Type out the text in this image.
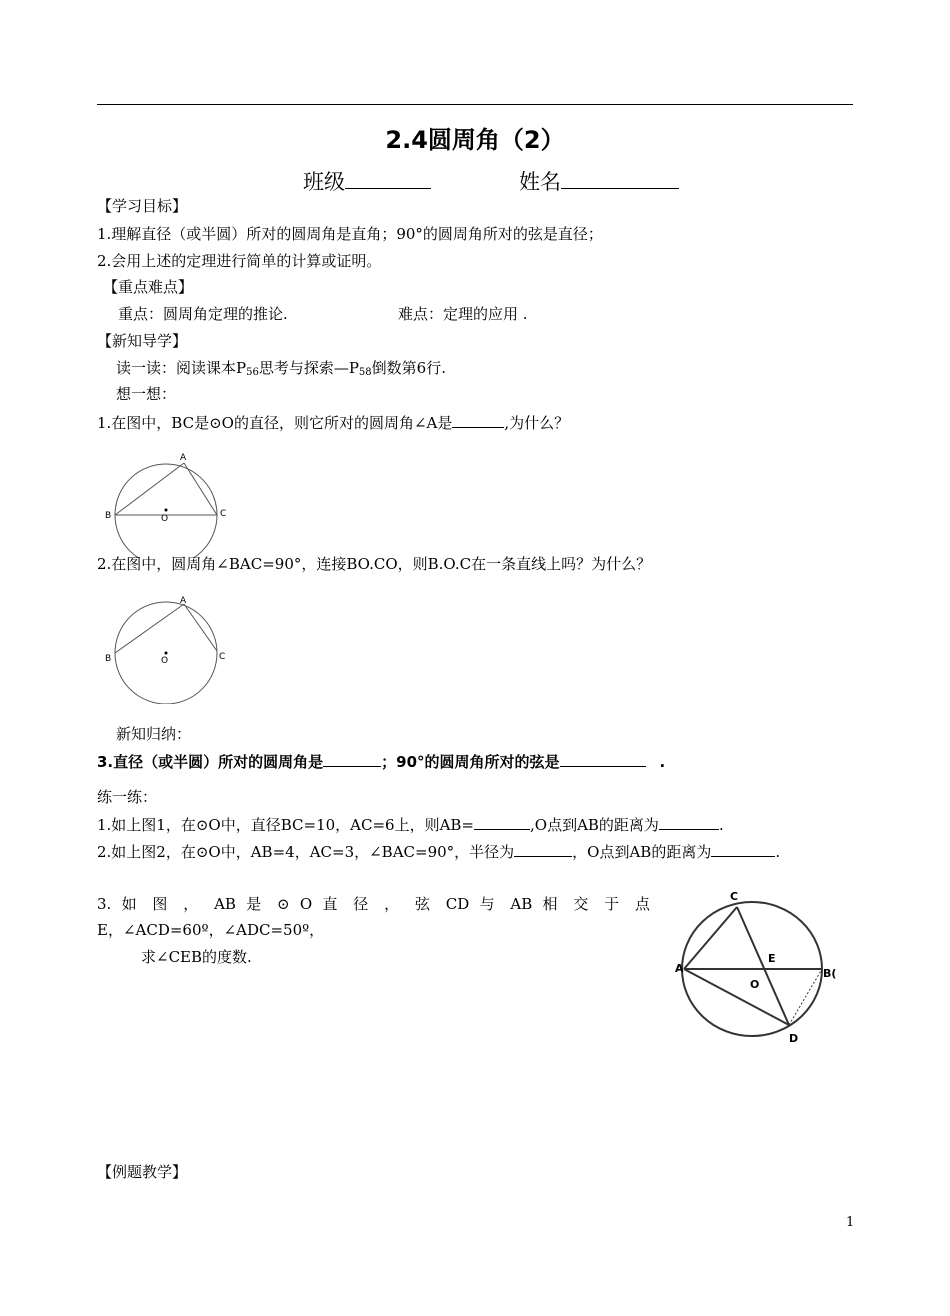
2.4圆周角（2）
班级	姓名
【学习目标】
1.理解直径（或半圆）所对的圆周角是直角；90°的圆周角所对的弦是直径；
2.会用上述的定理进行简单的计算或证明。
【重点难点】
重点：圆周角定理的推论.	难点：定理的应用 .
【新知导学】
读一读：阅读课本$P_{56}$思考与探索$—P_{58}$倒数第6行.
想一想：
1.在图中，BC是⊙O的直径，则它所对的圆周角∠A是	,为什么？
A
B	C
O
2.在图中，圆周角∠BAC=90°，连接BO.CO，则B.O.C在一条直线上吗？为什么？
A
B	C
O
新知归纳：
3.直径（或半圆）所对的圆周角是	；90°的圆周角所对的弦是	.
练一练：
1.如上图1，在⊙O中，直径BC=10，AC=6上，则AB=	,O点到AB的距离为	.
2.如上图2，在⊙O中，AB=4，AC=3，∠BAC=90°，半径为	，O点到AB的距离为	.
3. 如 图 ， AB 是 ⊙ O 直 径 ， 弦 CD 与 AB 相 交 于 点
E，∠ACD=60º，∠ADC=50º，
求∠CEB的度数.
C
A	B(
E
O
D
【例题教学】
1
